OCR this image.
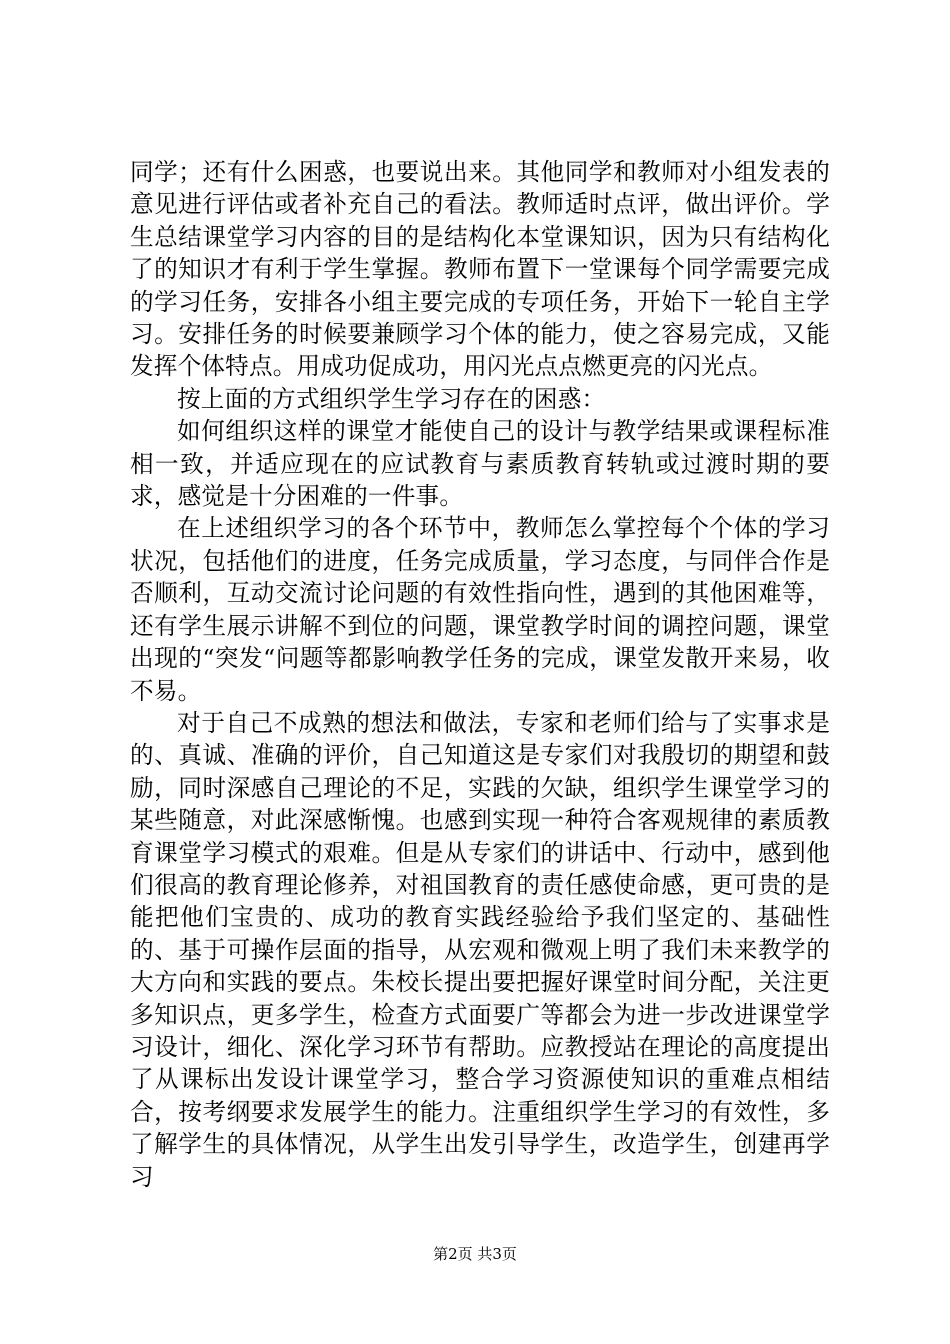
同学；还有什么困惑，也要说出来。其他同学和教师对小组发表的意见进行评估或者补充自己的看法。教师适时点评，做出评价。学生总结课堂学习内容的目的是结构化本堂课知识，因为只有结构化了的知识才有利于学生掌握。教师布置下一堂课每个同学需要完成的学习任务，安排各小组主要完成的专项任务，开始下一轮自主学习。安排任务的时候要兼顾学习个体的能力，使之容易完成，又能发挥个体特点。用成功促成功，用闪光点点燃更亮的闪光点。

按上面的方式组织学生学习存在的困惑：

如何组织这样的课堂才能使自己的设计与教学结果或课程标准相一致，并适应现在的应试教育与素质教育转轨或过渡时期的要求，感觉是十分困难的一件事。

在上述组织学习的各个环节中，教师怎么掌控每个个体的学习状况，包括他们的进度，任务完成质量，学习态度，与同伴合作是否顺利，互动交流讨论问题的有效性指向性，遇到的其他困难等，还有学生展示讲解不到位的问题，课堂教学时间的调控问题，课堂出现的“突发“问题等都影响教学任务的完成，课堂发散开来易，收不易。

对于自己不成熟的想法和做法，专家和老师们给与了实事求是的、真诚、准确的评价，自己知道这是专家们对我殷切的期望和鼓励，同时深感自己理论的不足，实践的欠缺，组织学生课堂学习的某些随意，对此深感惭愧。也感到实现一种符合客观规律的素质教育课堂学习模式的艰难。但是从专家们的讲话中、行动中，感到他们很高的教育理论修养，对祖国教育的责任感使命感，更可贵的是能把他们宝贵的、成功的教育实践经验给予我们坚定的、基础性的、基于可操作层面的指导，从宏观和微观上明了我们未来教学的大方向和实践的要点。朱校长提出要把握好课堂时间分配，关注更多知识点，更多学生，检查方式面要广等都会为进一步改进课堂学习设计，细化、深化学习环节有帮助。应教授站在理论的高度提出了从课标出发设计课堂学习，整合学习资源使知识的重难点相结合，按考纲要求发展学生的能力。注重组织学生学习的有效性，多了解学生的具体情况，从学生出发引导学生，改造学生，创建再学习

第2页 共3页
